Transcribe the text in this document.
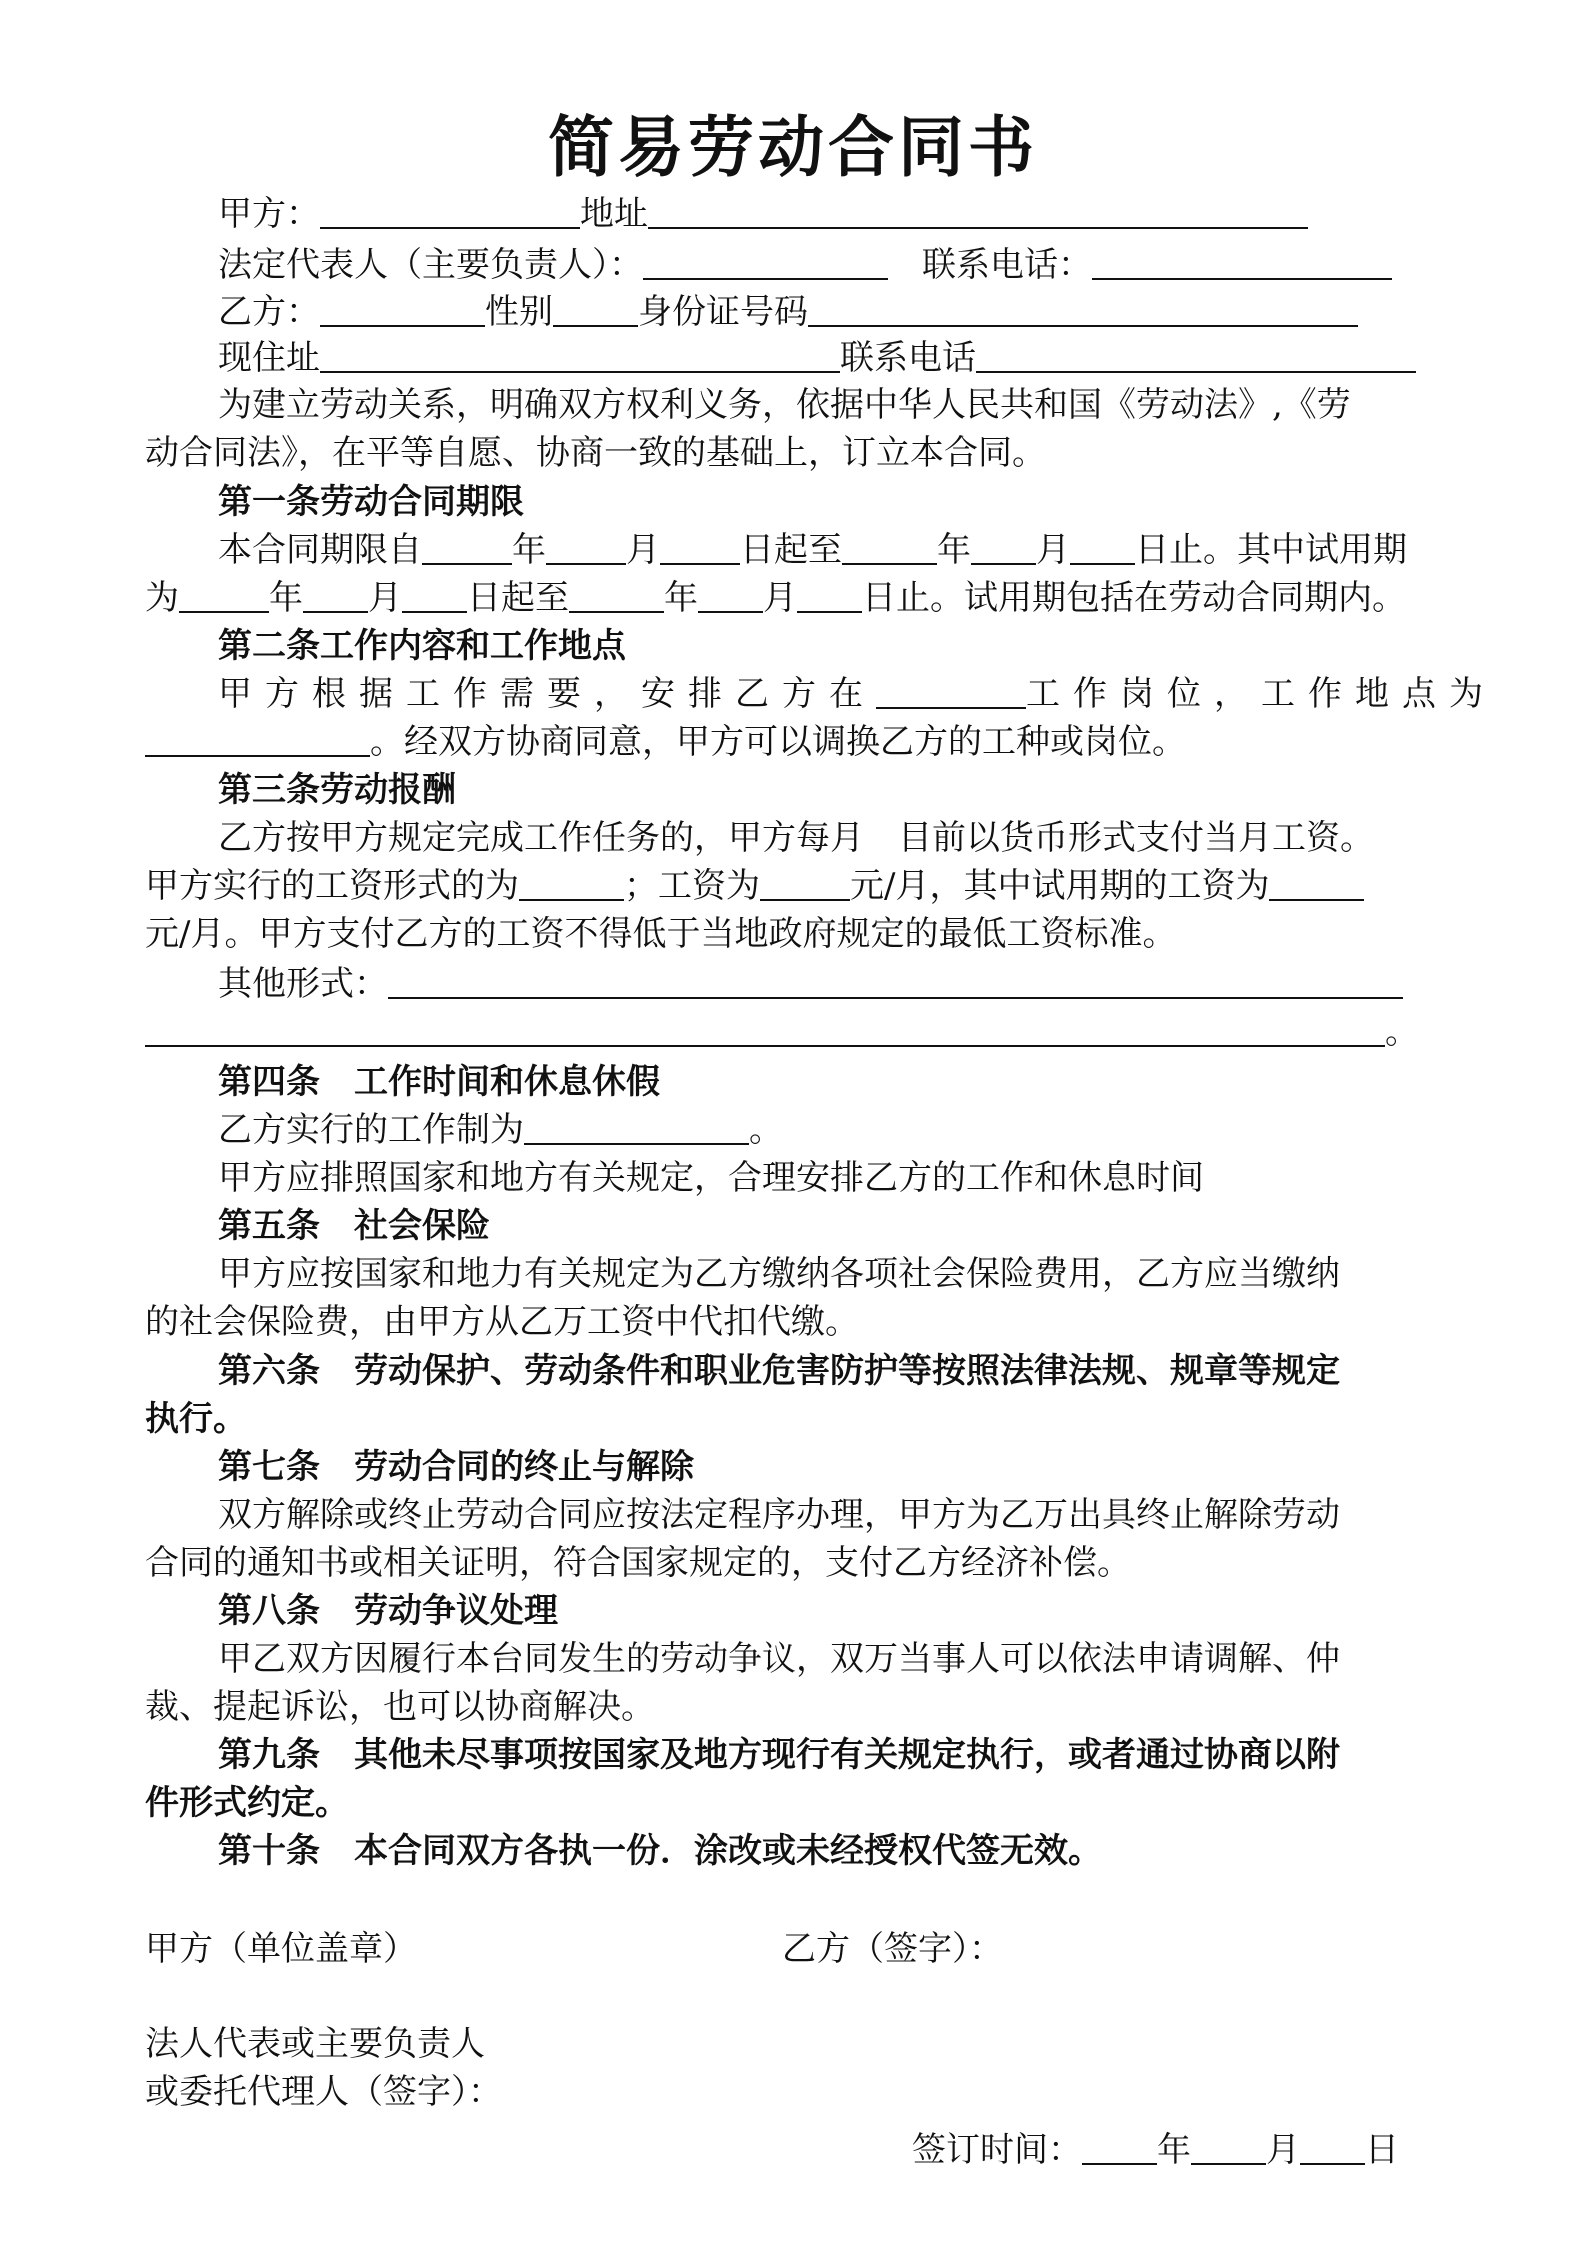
简易劳动合同书
甲方：	地址
法定代表人（主要负责人）：	联系电话：
乙方：	性别	身份证号码
现住址	联系电话
为建立劳动关系，明确双方权利义务，依据中华人民共和国《劳动法》,《劳
动合同法》，在平等自愿、协商一致的基础上，订立本合同。
第一条劳动合同期限
本合同期限自	年 月 日起至	年 月 日止。其中试用期
为	年 月 日起至	年 月 日止。试用期包括在劳动合同期内。
第二条工作内容和工作地点
甲方根据工作需要，安排乙方在	工作岗位，工作地点为
。经双方协商同意，甲方可以调换乙方的工种或岗位。
第三条劳动报酬
乙方按甲方规定完成工作任务的，甲方每月　目前以货币形式支付当月工资。
甲方实行的工资形式的为	；工资为	元/月，其中试用期的工资为
元/月。甲方支付乙方的工资不得低于当地政府规定的最低工资标准。
其他形式：
。
第四条　工作时间和休息休假
乙方实行的工作制为	。
甲方应排照国家和地方有关规定，合理安排乙方的工作和休息时间
第五条　社会保险
甲方应按国家和地力有关规定为乙方缴纳各项社会保险费用，乙方应当缴纳
的社会保险费，由甲方从乙万工资中代扣代缴。
第六条　劳动保护、劳动条件和职业危害防护等按照法律法规、规章等规定
执行。
第七条　劳动合同的终止与解除
双方解除或终止劳动合同应按法定程序办理，甲方为乙万出具终止解除劳动
合同的通知书或相关证明，符合国家规定的，支付乙方经济补偿。
第八条　劳动争议处理
甲乙双方因履行本台同发生的劳动争议，双万当事人可以依法申请调解、仲
裁、提起诉讼，也可以协商解决。
第九条　其他未尽事项按国家及地方现行有关规定执行，或者通过协商以附
件形式约定。
第十条　本合同双方各执一份．涂改或未经授权代签无效。
甲方（单位盖章）	乙方（签字）：
法人代表或主要负责人
或委托代理人（签字）：
签订时间： 年 月 日
